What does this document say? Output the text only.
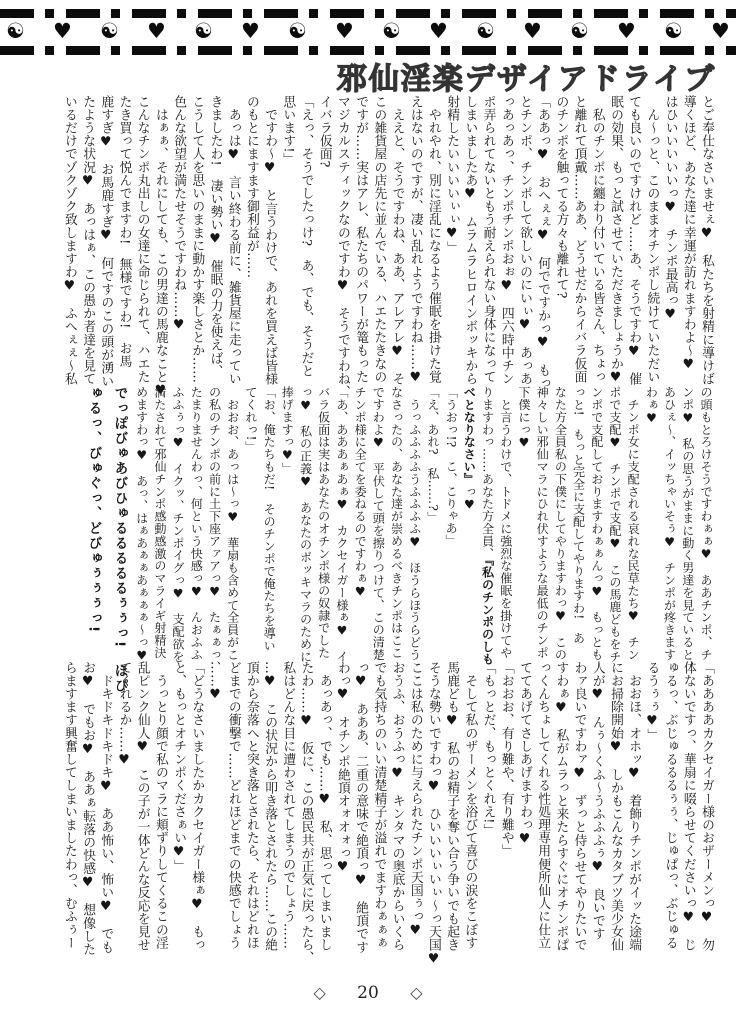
☯ ♥ ☯ ♥ ☯ ♥ ☯ ♥ ☯ ♥ ☯ ♥ ☯ ♥ ☯ ♥
邪仙淫楽デザイアドライブ

とご奉仕なさいませぇ♥　私たちを射精に導けば

導くほど、あなた達に幸運が訪れますわよ〜♥

はひいいいいいっ♥　チンポ最高っ♥

　ん〜っと、このままオチンポし続けていただい

ても良いのですけれど……あ、そうですわ♥　催

眠の効果、もっと試させていただきましょうか♥

　私のチンポに纏わり付いている皆さん、ちょっ

と離れて頂戴……ああ、どうせだからイバラ仮面

のチンポを触ってる方々も離れて?

「ああっ♥　おへぇぇ♥　何でですかっ♥　もっ

とチンポ、チンポして欲しいのにいぃ♥　あっあ

っあっあっ、チンポチンポおぉ♥　四六時中チン

ポ弄られてないともう耐えられない身体になって

しまいましたあ♥　ムラムラヒロインボッキから

射精したいいいいぃぃ♥」

　やれやれ、別に淫乱になるよう催眠を掛けた覚

えはないのですが、凄い乱れようですわね……♥

　ええと、そうですわね、ああ、アレアレ♥　そ

この雑貨屋の店先に並んでいる、ハエたたきなの

ですが……実はアレ、私たちのパワーが篭もった

マジカルスティックなのですわ♥　そうですわね、

イバラ仮面?

「えっ、そうでしたっけ?　あ、でも、そうだと

思います!」

　ですわ〜♥　と言うわけで、あれを買えば皆様

のもとにますます御利益が……

　あっは♥　言い終わる前に、雑貨屋に走ってい

きましたわ!　凄い勢い♥　催眠の力を使えば、

こうして人を思いのままに動かす楽しさとか……

色んな欲望が満たせそうですわね……♥

　はぁぁ、それにしても、この男達の馬鹿なこと♥

こんなチンポ丸出しの女達に命じられて、ハエた

たき買って悦んでますわ!　無様ですわ!　お馬

鹿すぎ♥　お馬鹿すぎ♥　何ですのこの頭が湧い

たような状況♥　あっはぁ、この愚か者達を見て

いるだけでゾクゾク致しますわ♥　ふへぇぇ〜私

の頭もとろけそうですわぁぁ♥　ああチンポ、チ

ンポ♥　私の思うがままに動く男達を見ていると、

あひぇ〜、イッちゃいそぅ♥　チンポが疼きます

わぁ♥

　チンポ女に支配される哀れな民草たち♥　チン

ポで支配♥　チンポで支配♥　この馬鹿どもをチ

ンポで支配しておりますわぁぁんっ♥　もっとも

っと!　もっと完全に支配してやりますわ!　あ

なた方全員私の下僕にしてやりますわっ♥　この

神々しい邪仙マラにひれ伏すような最低のチンポ

下僕にっ♥

　と言うわけで、トドメに強烈な催眠を掛けてや

りますわっ……あなた方全員、『私のチンポのしも

べとなりなさい』っ♥

「うおっ!?　こ、こりゃあ」

「え、あれ?　私……?」

　うっふふふふうふふふふ♥　ほうらほうらどう

なさったの、あなた達が崇めるべきチンポはここ

ですわよ♥　平伏して頭を擦りつけて、この清楚

チンポ様に全てを委ねるのですわぁ♥

「あ、あああぁあぁ♥　カクセイガー様ぁ♥　イ

バラ仮面は実はあなたのオチンポ様の奴隷でした

っ♥　私の正義♥　あなたのボッキマラのために

捧げますっ♥」

「お、俺たちもだ!　そのチンポで俺たちを導い

てくれっ!」

　おおお、あっは〜っ♥　華扇も含めて全員がこ

の私のチンポの前に土下座アァアっ♥　たぁぁっ、

たまりませんわっ、何という快感っ♥　んおふふ

ふふぅっ♥　イクッ、チンポイグっ♥　支配欲を

満たされて邪仙チンポ感動感激のマライギ射精決

めますわっ♥　あっ、はぁあぁぁあぁぁぁ〜っ♥

でっぽびゅあびひゅるるるるるぅぅっ!　ほぴ

ゅるっ、びゅぐっ、どびゅぅぅぅっ!

「ああああカクセイガー様のおザーメンっ♥　勿

体ないですっ、華扇に啜らせてくださいっ♥　じ

ゅるっ、ぶじゅるるるぅぅ、じゅぱっ、ぶじゅる

るうぅぅ♥」

　おおほ、オホッ♥　着飾りチンポがイッた途端

にお掃除開始♥　しかもこんなカタブツ美少女仙

人が♥　んぅ〜くふ〜うふふふぅ♥　良いです

わァ良いですわァ♥　ずっと侍らせてやりたいで

すわぁ♥　私がムラっと来たらすぐにオチンポぱ

っくんちょしてくれる性処理専用便所仙人に仕立

ててあげてさしあげますわっ♥

「おおお、有り難や、有り難や」

「もっとだ、もっとくれえ!」

　そして私のザーメンを浴びて喜びの涙をこぼす

馬鹿ども♥　私のお精子を奪い合う争いでも起き

そうな勢いですわっ♥　ひいいいぃいぃ〜っ天国♥

ここは私のために与えられたチンポ天国ぅっ♥

おうふ、おうふっ♥　キンタマの奥底からいくら

でも気持ちのいい清楚精子が溢れでますわぁぁぁ

っ♥　あああ、二重の意味で絶頂っ♥　絶頂です

わっ♥　オチンポ絶頂オォオォっ♥

　あっあっ、でも……♥　私、思ってしまいまし

たわ……♥　仮に、この愚民共が正気に戻ったら、

私はどんな目に遭わされてしまうのでしょう……

…♥　この状況から叩き落とされたら……この絶

頂から奈落へと突き落とされたら、それはどれほ

どまでの衝撃で……どれほどまでの快感でしょう

……♥

「どうなさいましたかカクセイガー様ぁ♥　もっ

と、もっとオチンポくださぁい♥」

　うっとり顔で私のマラに頬ずりしてくるこの淫

乱ピンク仙人♥　この子が一体どんな反応を見せ

てくれるか……♥

　ドキドキドキドキ♥　ああ怖い、怖い♥　でも

お♥　でもお♥　ああぁ転落の快感♥　想像した

らますます興奮してしまいましたわっ、むふぅー

◇ 20 ◇
